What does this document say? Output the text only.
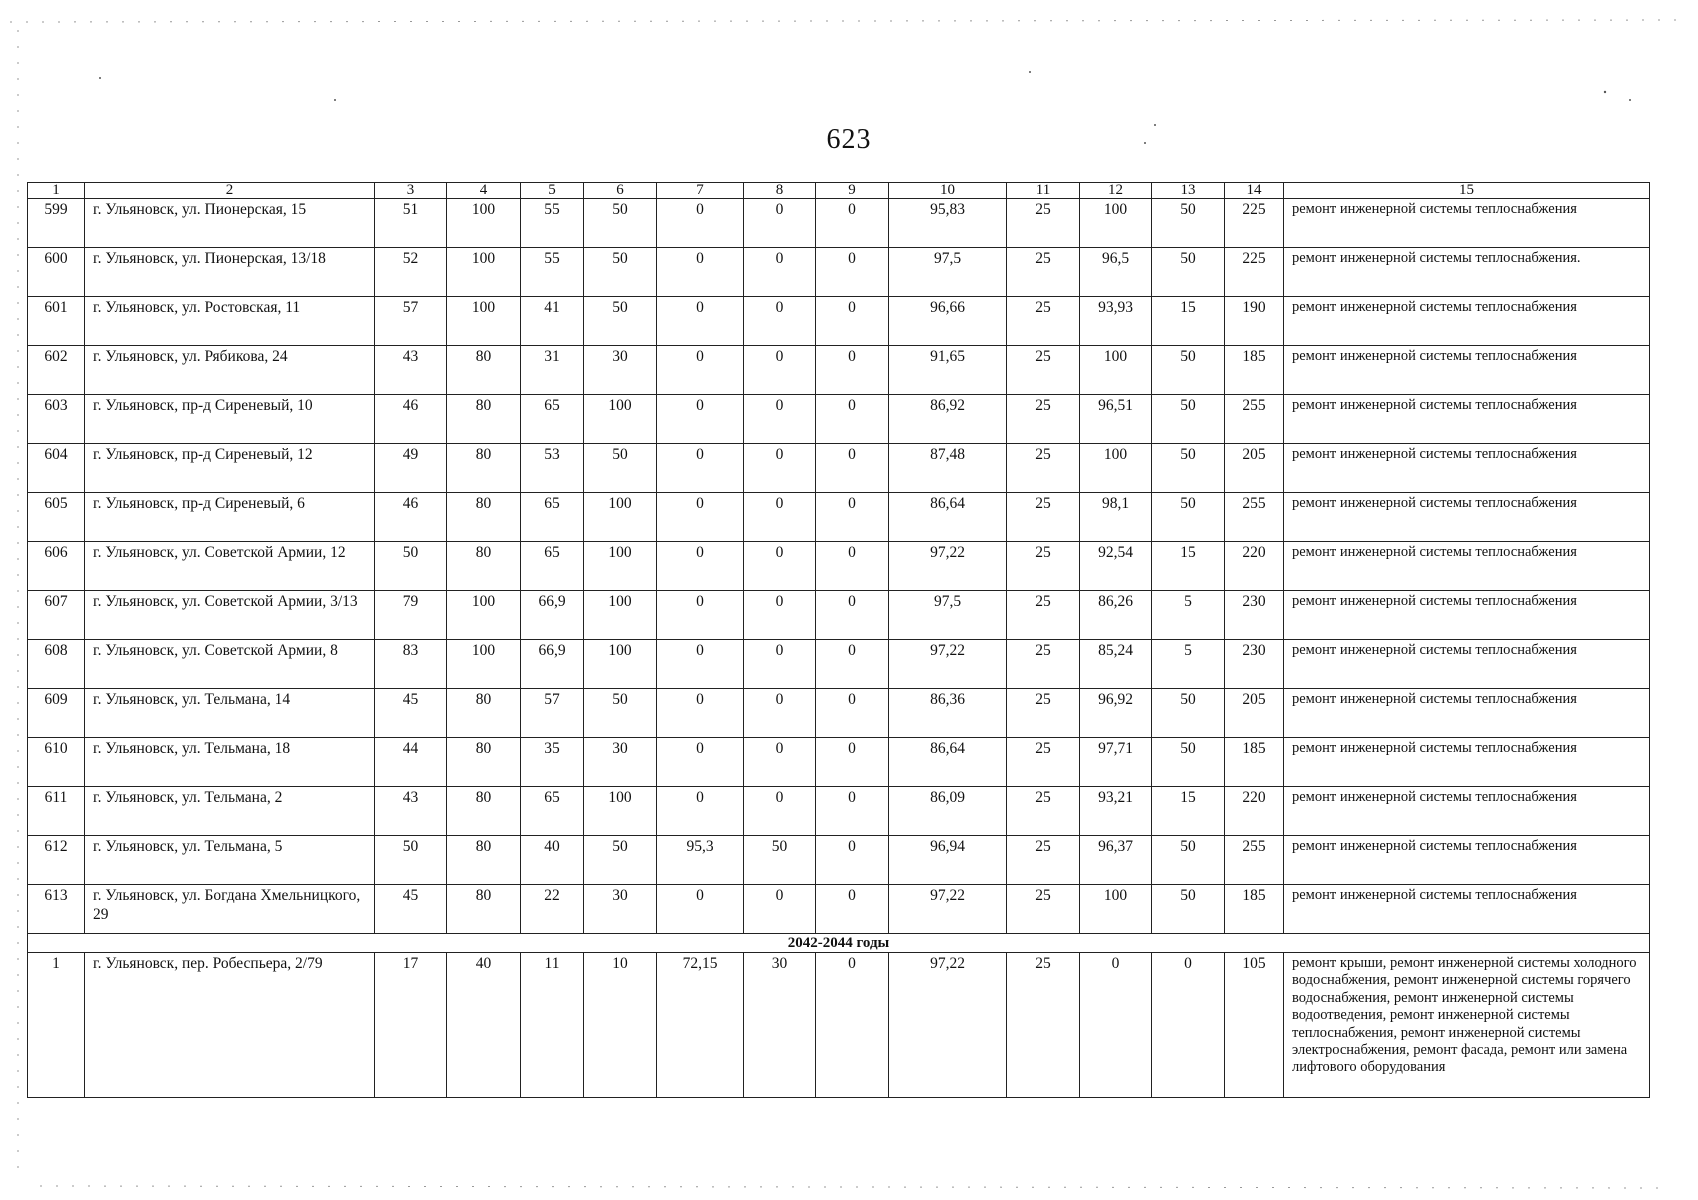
623
1	2	3	4	5	6	7	8	9	10	11	12	13	14	15
599	г. Ульяновск, ул. Пионерская, 15	51	100	55	50	0	0	0	95,83	25	100	50	225	ремонт инженерной системы теплоснабжения
600	г. Ульяновск, ул. Пионерская, 13/18	52	100	55	50	0	0	0	97,5	25	96,5	50	225	ремонт инженерной системы теплоснабжения.
601	г. Ульяновск, ул. Ростовская, 11	57	100	41	50	0	0	0	96,66	25	93,93	15	190	ремонт инженерной системы теплоснабжения
602	г. Ульяновск, ул. Рябикова, 24	43	80	31	30	0	0	0	91,65	25	100	50	185	ремонт инженерной системы теплоснабжения
603	г. Ульяновск, пр-д Сиреневый, 10	46	80	65	100	0	0	0	86,92	25	96,51	50	255	ремонт инженерной системы теплоснабжения
604	г. Ульяновск, пр-д Сиреневый, 12	49	80	53	50	0	0	0	87,48	25	100	50	205	ремонт инженерной системы теплоснабжения
605	г. Ульяновск, пр-д Сиреневый, 6	46	80	65	100	0	0	0	86,64	25	98,1	50	255	ремонт инженерной системы теплоснабжения
606	г. Ульяновск, ул. Советской Армии, 12	50	80	65	100	0	0	0	97,22	25	92,54	15	220	ремонт инженерной системы теплоснабжения
607	г. Ульяновск, ул. Советской Армии, 3/13	79	100	66,9	100	0	0	0	97,5	25	86,26	5	230	ремонт инженерной системы теплоснабжения
608	г. Ульяновск, ул. Советской Армии, 8	83	100	66,9	100	0	0	0	97,22	25	85,24	5	230	ремонт инженерной системы теплоснабжения
609	г. Ульяновск, ул. Тельмана, 14	45	80	57	50	0	0	0	86,36	25	96,92	50	205	ремонт инженерной системы теплоснабжения
610	г. Ульяновск, ул. Тельмана, 18	44	80	35	30	0	0	0	86,64	25	97,71	50	185	ремонт инженерной системы теплоснабжения
611	г. Ульяновск, ул. Тельмана, 2	43	80	65	100	0	0	0	86,09	25	93,21	15	220	ремонт инженерной системы теплоснабжения
612	г. Ульяновск, ул. Тельмана, 5	50	80	40	50	95,3	50	0	96,94	25	96,37	50	255	ремонт инженерной системы теплоснабжения
613	г. Ульяновск, ул. Богдана Хмельницкого, 29	45	80	22	30	0	0	0	97,22	25	100	50	185	ремонт инженерной системы теплоснабжения
2042-2044 годы														
1	г. Ульяновск, пер. Робеспьера, 2/79	17	40	11	10	72,15	30	0	97,22	25	0	0	105	ремонт крыши, ремонт инженерной системы холодного водоснабжения, ремонт инженерной системы горячего водоснабжения, ремонт инженерной системы водоотведения, ремонт инженерной системы теплоснабжения, ремонт инженерной системы электроснабжения, ремонт фасада, ремонт или замена лифтового оборудования
